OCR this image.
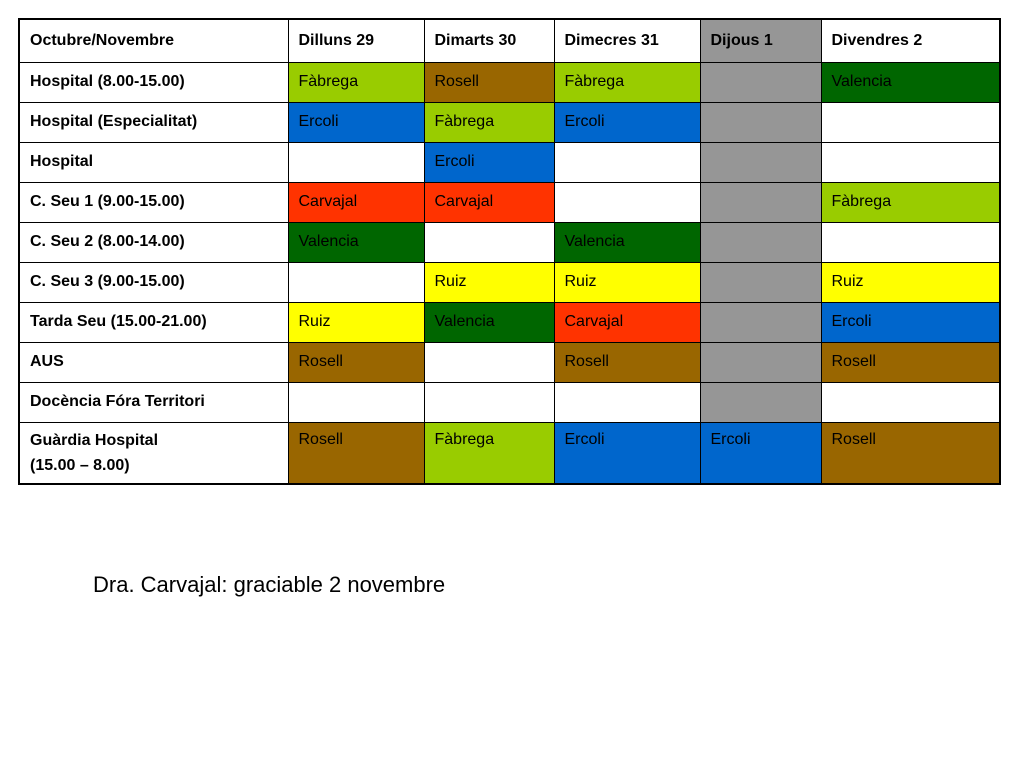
Octubre/Novembre	Dilluns 29	Dimarts 30	Dimecres 31	Dijous 1	Divendres 2
Hospital (8.00-15.00)	Fàbrega	Rosell	Fàbrega		Valencia
Hospital (Especialitat)	Ercoli	Fàbrega	Ercoli		
Hospital		Ercoli			
C. Seu 1 (9.00-15.00)	Carvajal	Carvajal			Fàbrega
C. Seu 2 (8.00-14.00)	Valencia		Valencia		
C. Seu 3 (9.00-15.00)		Ruiz	Ruiz		Ruiz
Tarda Seu (15.00-21.00)	Ruiz	Valencia	Carvajal		Ercoli
AUS	Rosell		Rosell		Rosell
Docència Fóra Territori					
Guàrdia Hospital
(15.00 – 8.00)	Rosell	Fàbrega	Ercoli	Ercoli	Rosell
Dra. Carvajal: graciable 2 novembre
